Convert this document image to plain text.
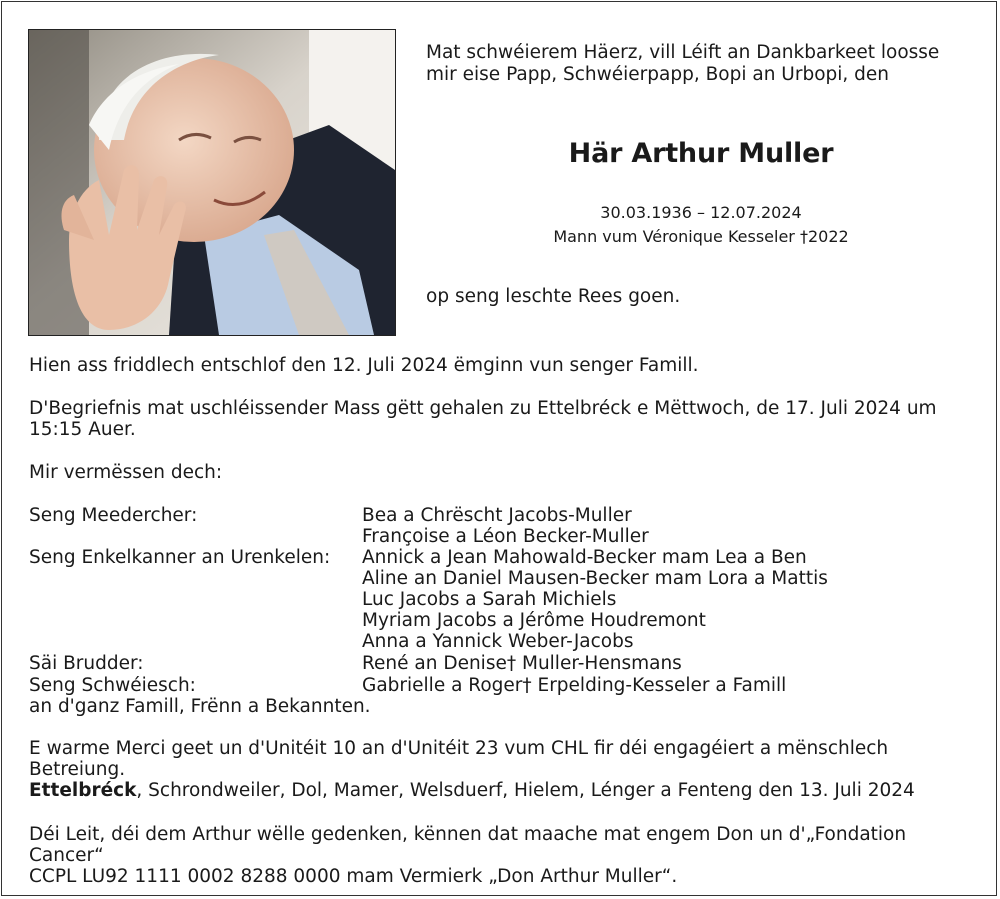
Mat schwéierem Häerz, vill Léift an Dankbarkeet loosse
mir eise Papp, Schwéierpapp, Bopi an Urbopi, den
Här Arthur Muller
30.03.1936 – 12.07.2024
Mann vum Véronique Kesseler †2022
op seng leschte Rees goen.
Hien ass friddlech entschlof den 12. Juli 2024 ëmginn vun senger Famill.
D'Begriefnis mat uschléissender Mass gëtt gehalen zu Ettelbréck e Mëttwoch, de 17. Juli 2024 um
15:15 Auer.
Mir vermëssen dech:
Seng Meedercher:	Bea a Chrëscht Jacobs-Muller
Françoise a Léon Becker-Muller
Seng Enkelkanner an Urenkelen: Annick a Jean Mahowald-Becker mam Lea a Ben
Aline an Daniel Mausen-Becker mam Lora a Mattis
Luc Jacobs a Sarah Michiels
Myriam Jacobs a Jérôme Houdremont
Anna a Yannick Weber-Jacobs
Säi Brudder:	René an Denise† Muller-Hensmans
Seng Schwéiesch:	Gabrielle a Roger† Erpelding-Kesseler a Famill
an d'ganz Famill, Frënn a Bekannten.
E warme Merci geet un d'Unitéit 10 an d'Unitéit 23 vum CHL fir déi engagéiert a mënschlech Betreiung.
Ettelbréck, Schrondweiler, Dol, Mamer, Welsduerf, Hielem, Lénger a Fenteng den 13. Juli 2024
Déi Leit, déi dem Arthur wëlle gedenken, kënnen dat maache mat engem Don un d'„Fondation Cancer“
CCPL LU92 1111 0002 8288 0000 mam Vermierk „Don Arthur Muller“.
